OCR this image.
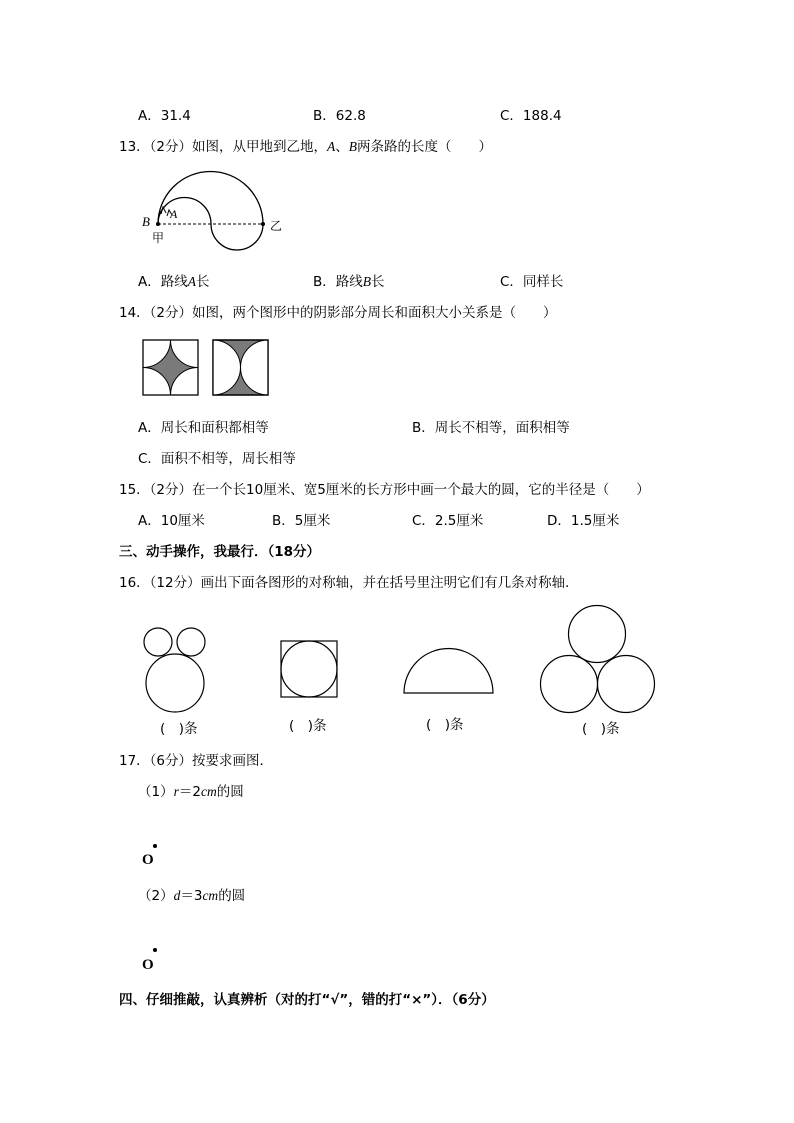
A．31.4	B．62.8	C．188.4
13．（2分）如图，从甲地到乙地，A、B两条路的长度（　　）
B A
甲
乙
A．路线A长	B．路线B长	C．同样长
14．（2分）如图，两个图形中的阴影部分周长和面积大小关系是（　　）
A．周长和面积都相等	B．周长不相等，面积相等
C．面积不相等，周长相等
15．（2分）在一个长10厘米、宽5厘米的长方形中画一个最大的圆，它的半径是（　　）
A．10厘米	B．5厘米	C．2.5厘米	D．1.5厘米
三、动手操作，我最行．（18分）
16．（12分）画出下面各图形的对称轴，并在括号里注明它们有几条对称轴．
(　)条	(　)条	(　)条	(　)条
17．（6分）按要求画图．
（1）r＝2cm的圆
O
（2）d＝3cm的圆
O
四、仔细推敲，认真辨析（对的打“√”，错的打“×”）．（6分）
